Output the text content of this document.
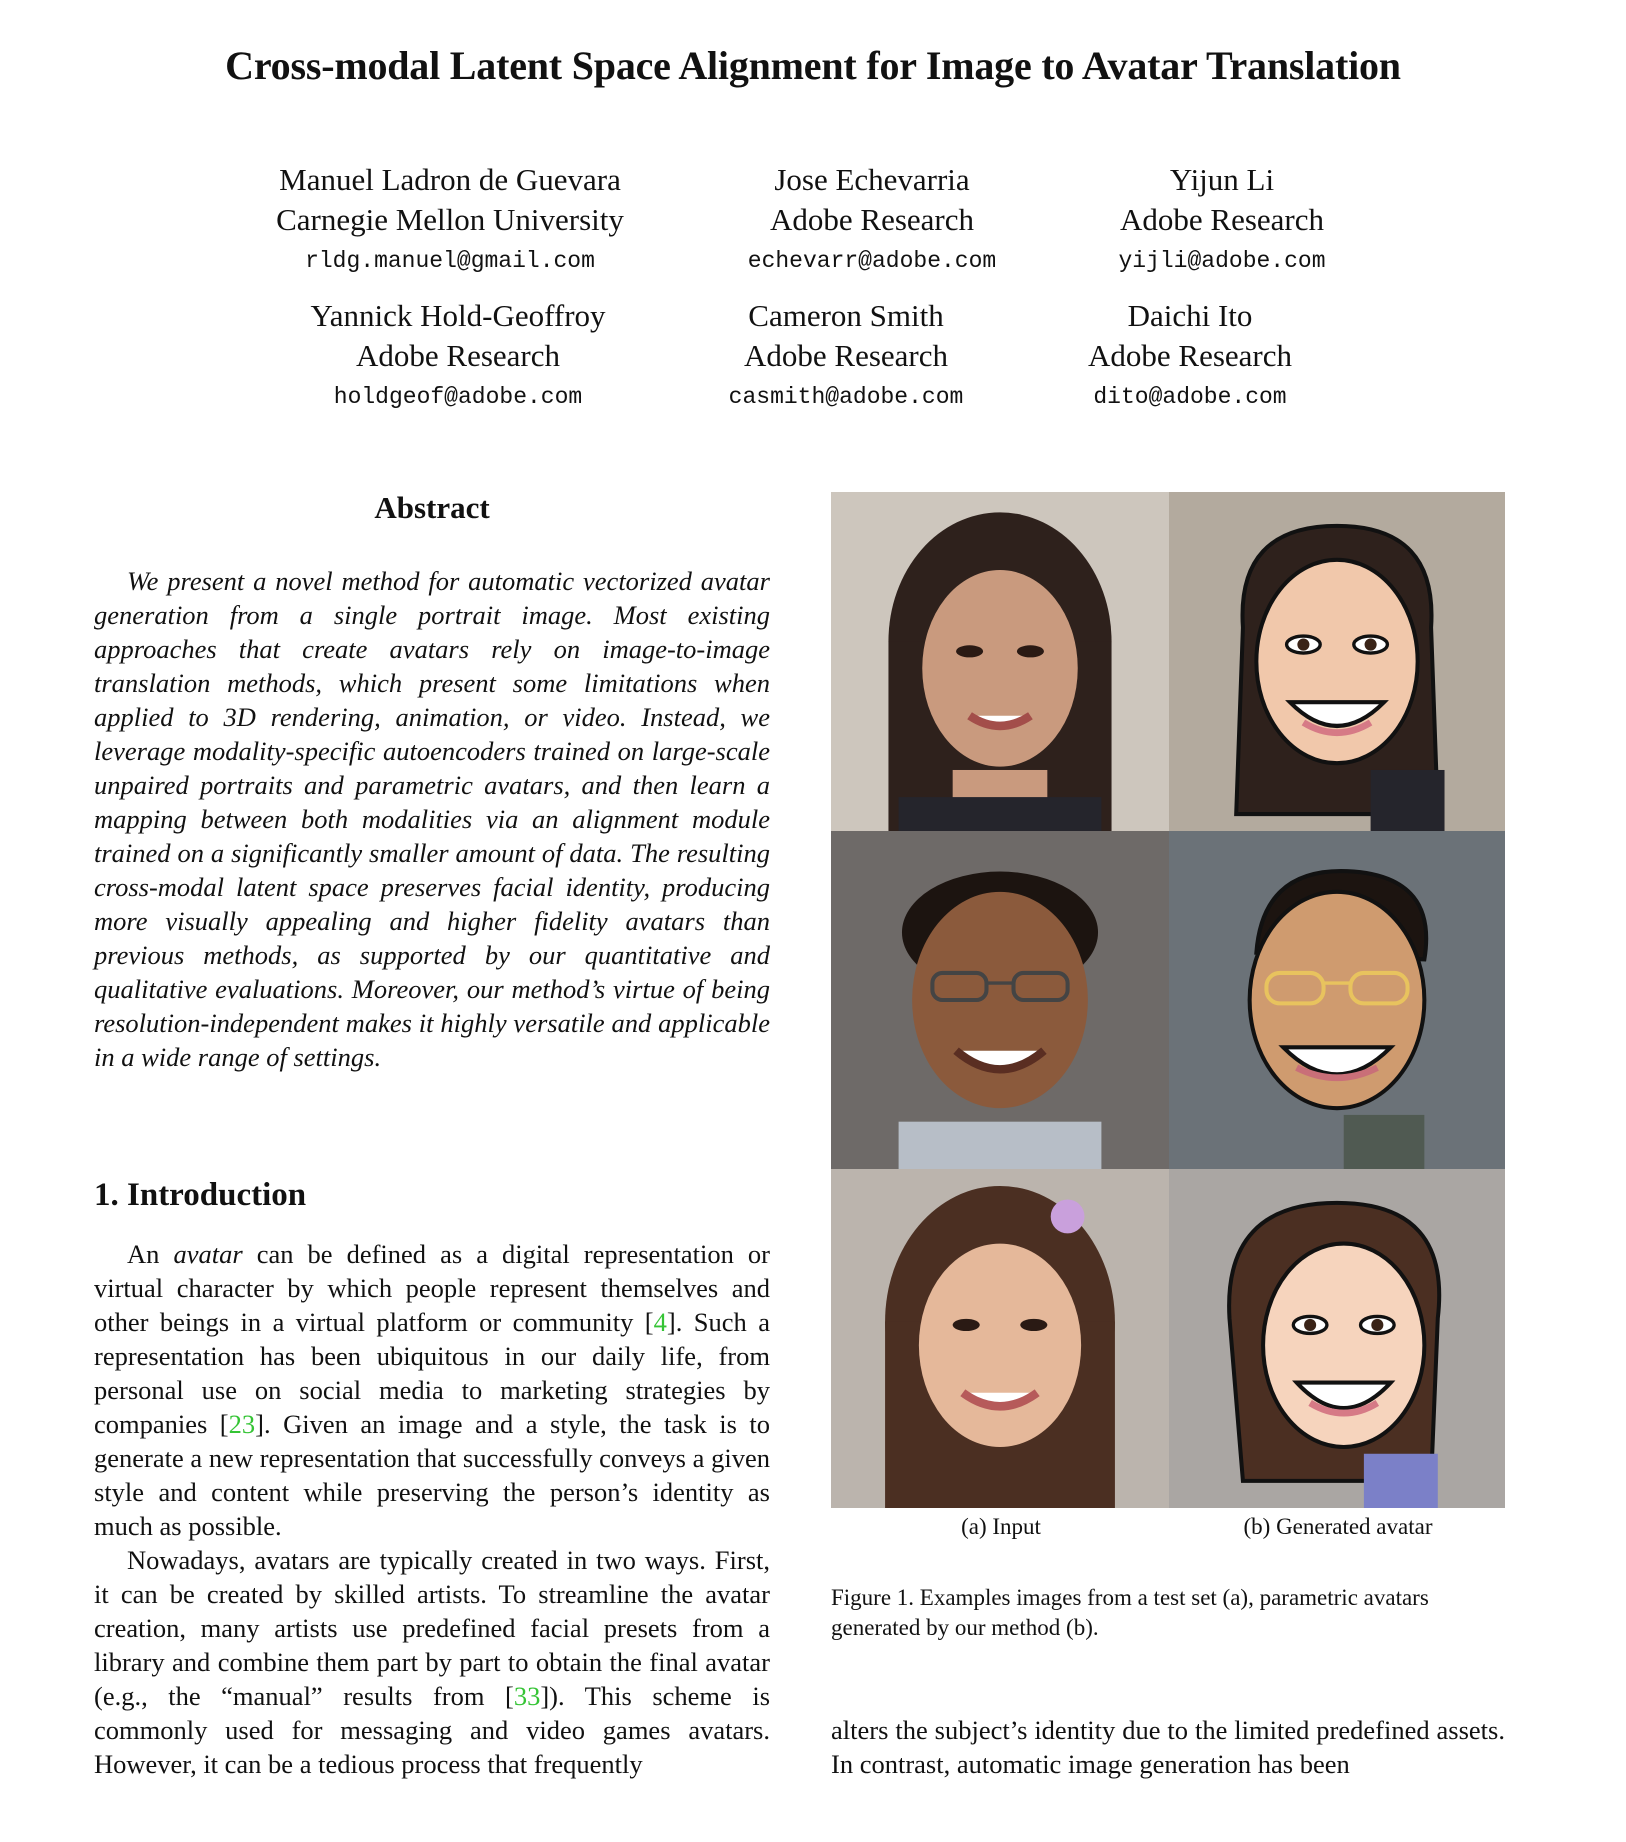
Cross-modal Latent Space Alignment for Image to Avatar Translation
Manuel Ladron de Guevara
Carnegie Mellon University
rldg.manuel@gmail.com
Jose Echevarria
Adobe Research
echevarr@adobe.com
Yijun Li
Adobe Research
yijli@adobe.com
Yannick Hold-Geoffroy
Adobe Research
holdgeof@adobe.com
Cameron Smith
Adobe Research
casmith@adobe.com
Daichi Ito
Adobe Research
dito@adobe.com
Abstract

We present a novel method for automatic vectorized avatar generation from a single portrait image. Most existing approaches that create avatars rely on image-to-image translation methods, which present some limitations when applied to 3D rendering, animation, or video. Instead, we leverage modality-specific autoencoders trained on large-scale unpaired portraits and parametric avatars, and then learn a mapping between both modalities via an alignment module trained on a significantly smaller amount of data. The resulting cross-modal latent space preserves facial identity, producing more visually appealing and higher fidelity avatars than previous methods, as supported by our quantitative and qualitative evaluations. Moreover, our method’s virtue of being resolution-independent makes it highly versatile and applicable in a wide range of settings.

1. Introduction

An avatar can be defined as a digital representation or virtual character by which people represent themselves and other beings in a virtual platform or community [4]. Such a representation has been ubiquitous in our daily life, from personal use on social media to marketing strategies by companies [23]. Given an image and a style, the task is to generate a new representation that successfully conveys a given style and content while preserving the person’s identity as much as possible.

Nowadays, avatars are typically created in two ways. First, it can be created by skilled artists. To streamline the avatar creation, many artists use predefined facial presets from a library and combine them part by part to obtain the final avatar (e.g., the “manual” results from [33]). This scheme is commonly used for messaging and video games avatars. However, it can be a tedious process that frequently

(a) Input	(b) Generated avatar
Figure 1. Examples images from a test set (a), parametric avatars generated by our method (b).

alters the subject’s identity due to the limited predefined assets. In contrast, automatic image generation has been
